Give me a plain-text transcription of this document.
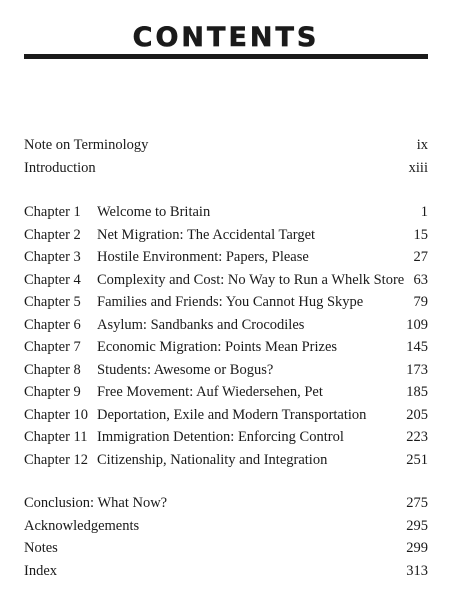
CONTENTS
Note on Terminology	ix
Introduction	xiii
Chapter 1 Welcome to Britain	1
Chapter 2 Net Migration: The Accidental Target	15
Chapter 3 Hostile Environment: Papers, Please	27
Chapter 4 Complexity and Cost: No Way to Run a Whelk Store 63
Chapter 5 Families and Friends: You Cannot Hug Skype	79
Chapter 6 Asylum: Sandbanks and Crocodiles	109
Chapter 7 Economic Migration: Points Mean Prizes	145
Chapter 8 Students: Awesome or Bogus?	173
Chapter 9 Free Movement: Auf Wiedersehen, Pet	185
Chapter 10 Deportation, Exile and Modern Transportation	205
Chapter 11 Immigration Detention: Enforcing Control	223
Chapter 12 Citizenship, Nationality and Integration	251
Conclusion: What Now?	275
Acknowledgements	295
Notes	299
Index	313
